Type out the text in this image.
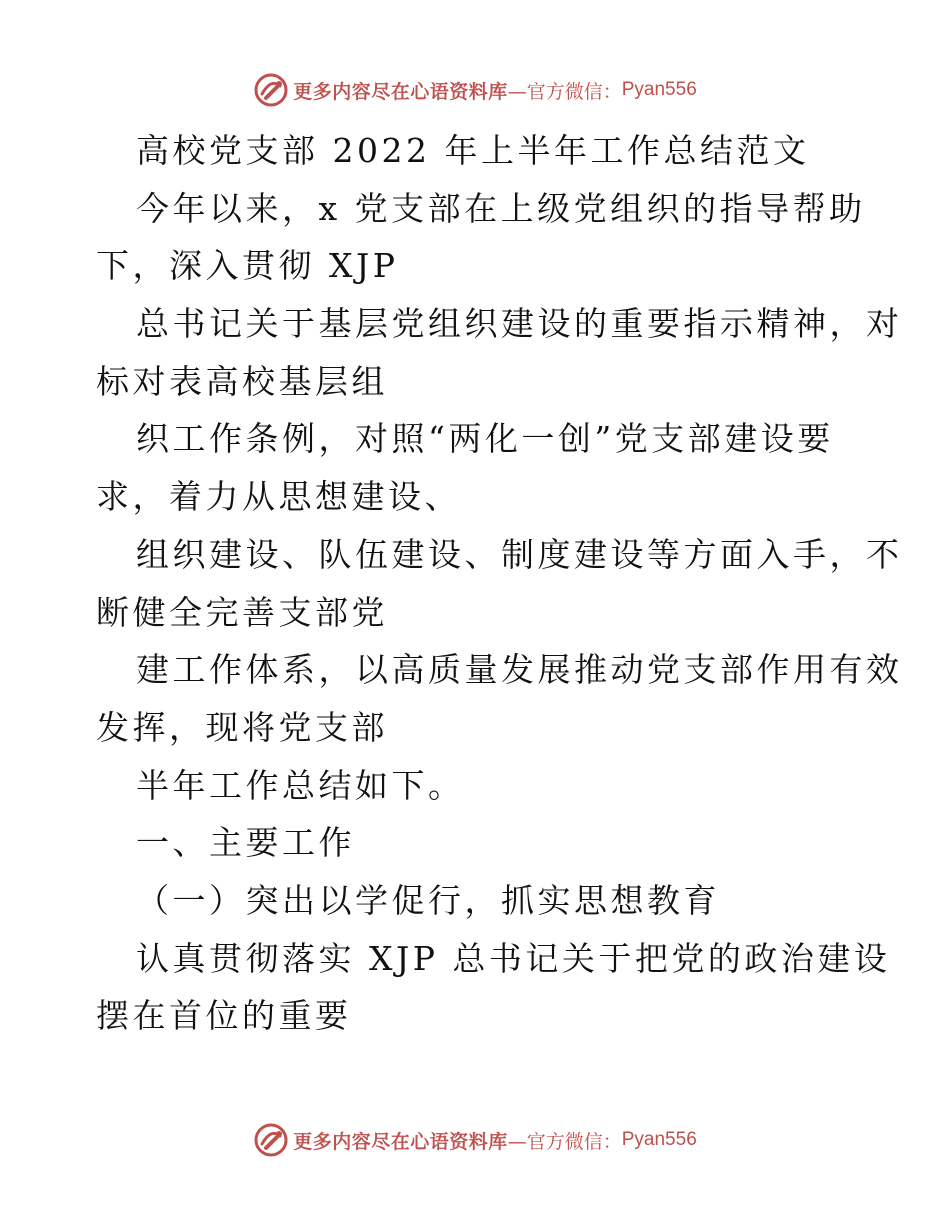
更多内容尽在心语资料库 —官方微信： Pyan556
高校党支部 2022 年上半年工作总结范文
今年以来，x 党支部在上级党组织的指导帮助
下，深入贯彻 XJP
总书记关于基层党组织建设的重要指示精神，对
标对表高校基层组
织工作条例，对照“两化一创”党支部建设要
求，着力从思想建设、
组织建设、队伍建设、制度建设等方面入手，不
断健全完善支部党
建工作体系，以高质量发展推动党支部作用有效
发挥，现将党支部
半年工作总结如下。
一、主要工作
（一）突出以学促行，抓实思想教育
认真贯彻落实 XJP 总书记关于把党的政治建设
摆在首位的重要
更多内容尽在心语资料库 —官方微信： Pyan556
